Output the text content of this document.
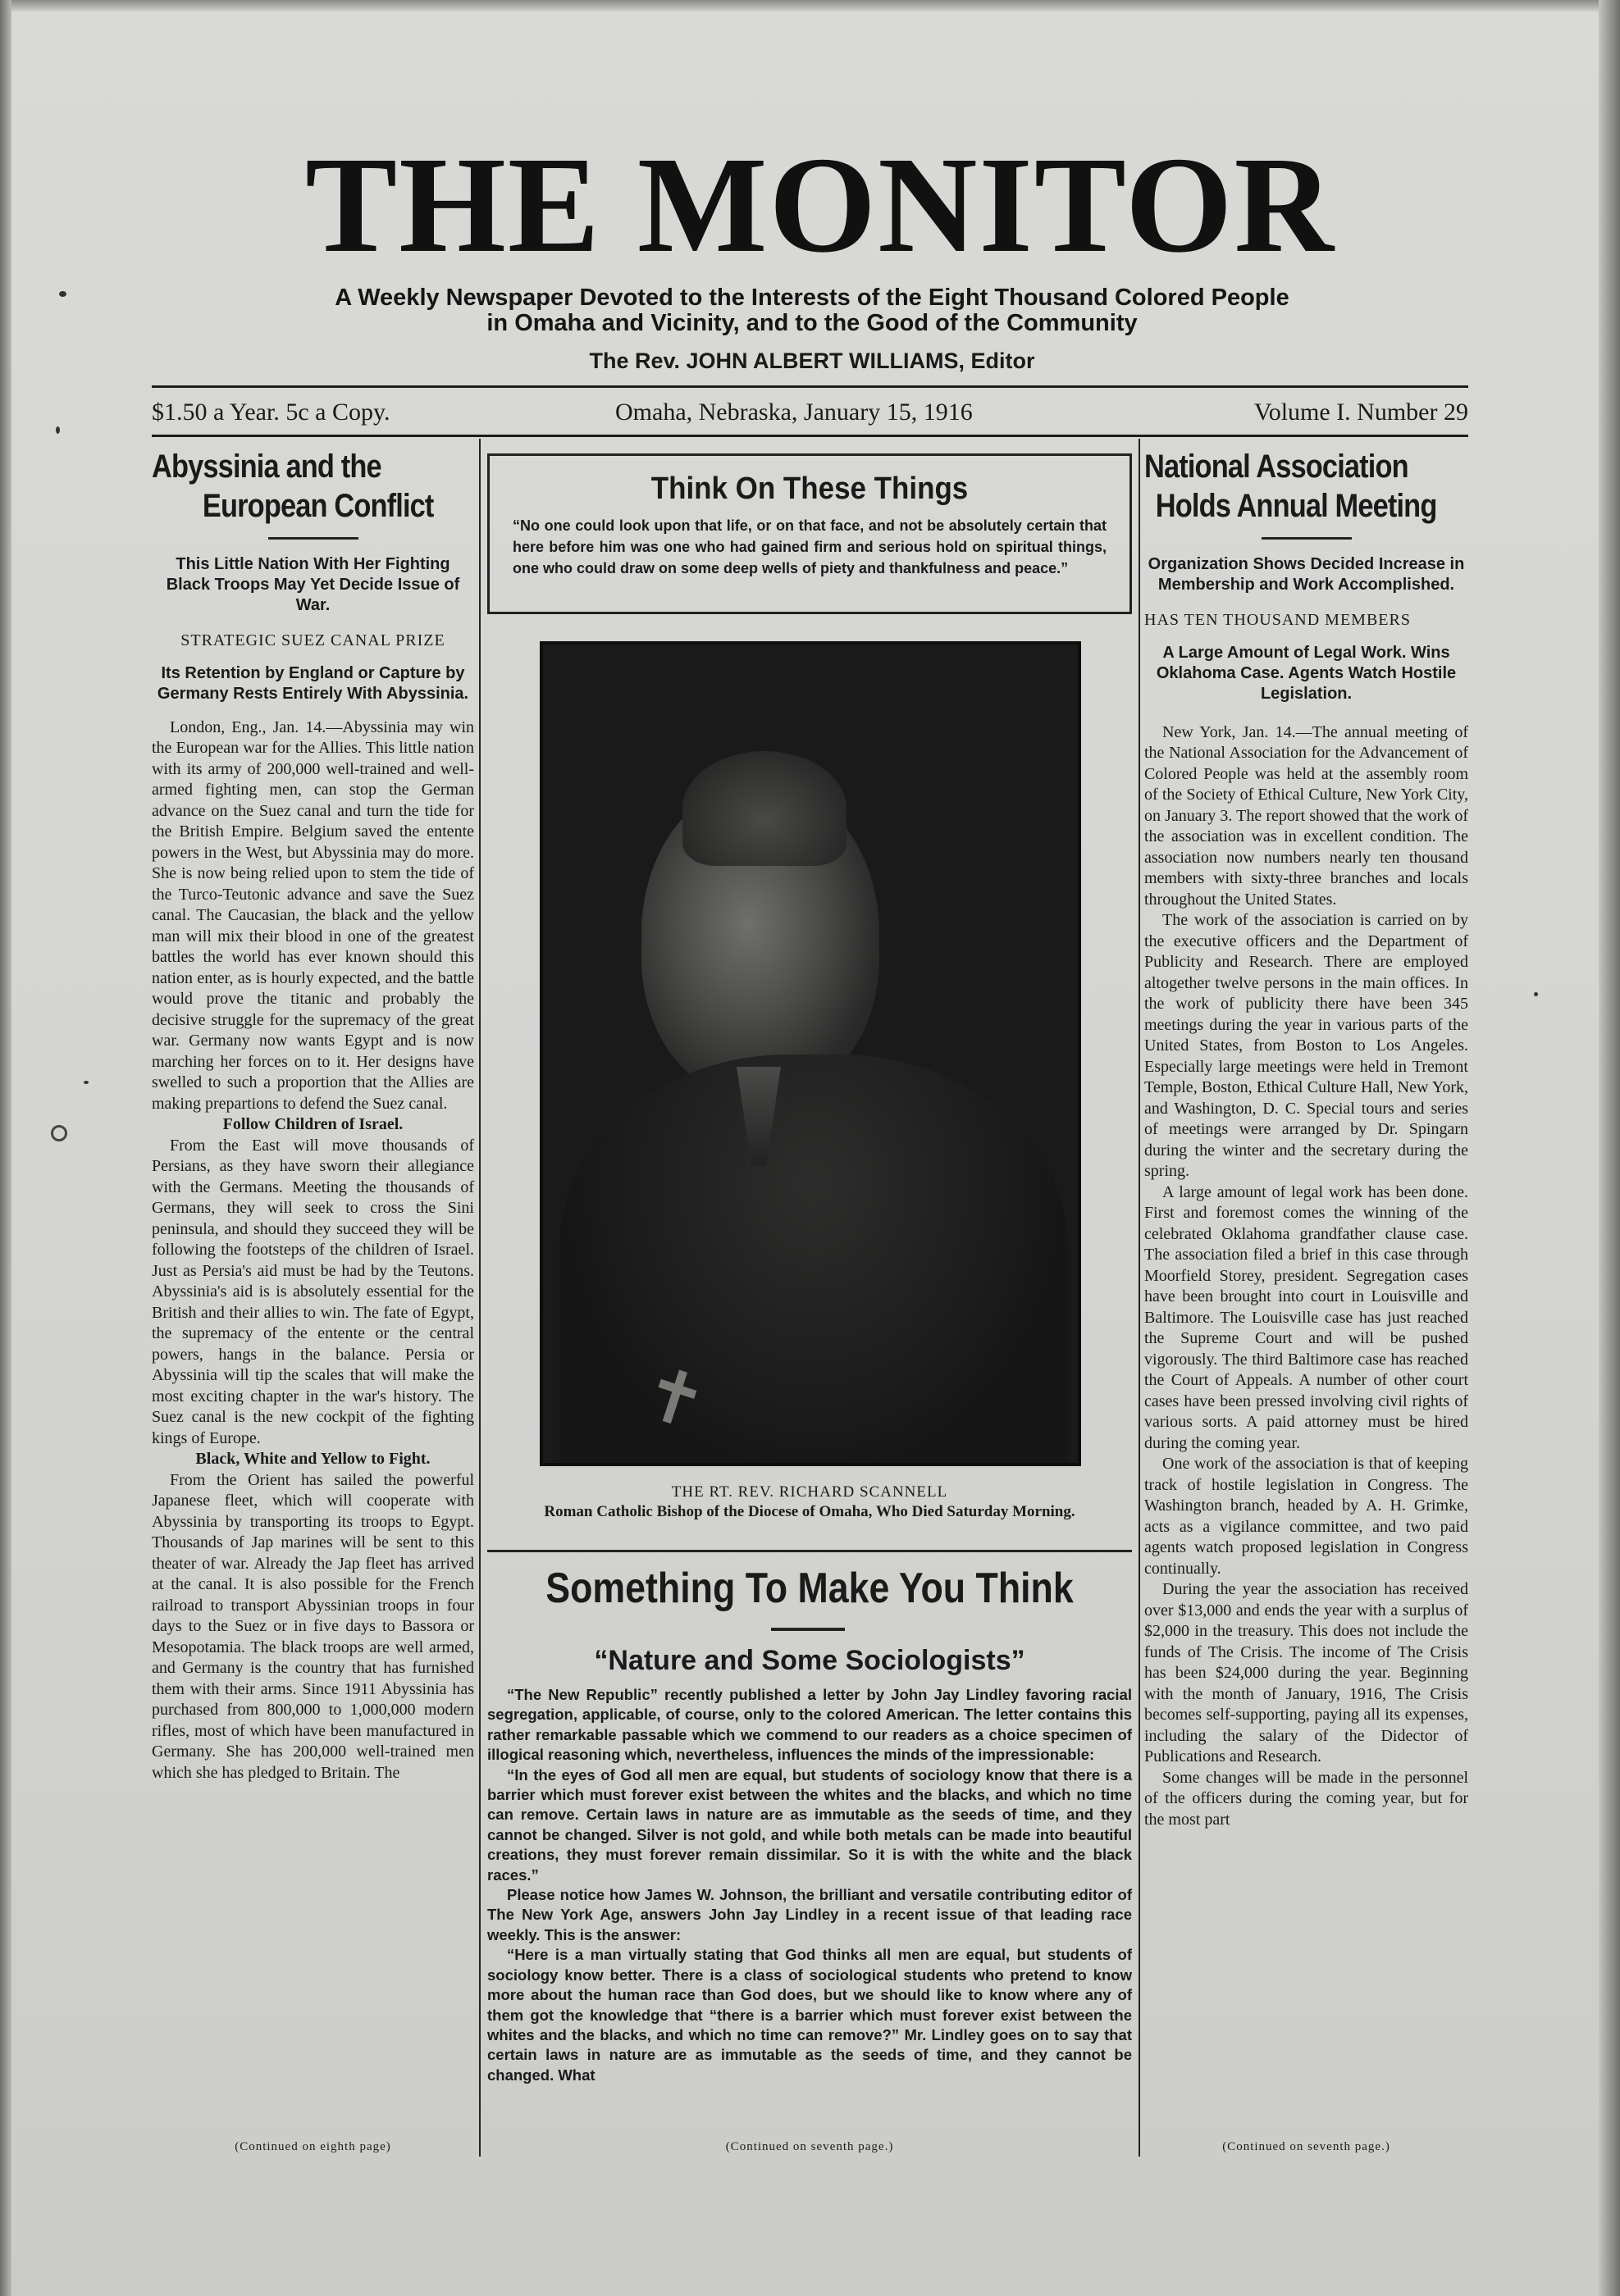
THE MONITOR
A Weekly Newspaper Devoted to the Interests of the Eight Thousand Colored People
in Omaha and Vicinity, and to the Good of the Community
The Rev. JOHN ALBERT WILLIAMS, Editor
$1.50 a Year. 5c a Copy.	Omaha, Nebraska, January 15, 1916	Volume I. Number 29
Abyssinia and the
European Conflict
This Little Nation With Her Fighting Black Troops May Yet Decide Issue of War.
STRATEGIC SUEZ CANAL PRIZE
Its Retention by England or Capture by Germany Rests Entirely With Abyssinia.

London, Eng., Jan. 14.—Abyssinia may win the European war for the Allies. This little nation with its army of 200,000 well-trained and well-armed fighting men, can stop the German advance on the Suez canal and turn the tide for the British Empire. Belgium saved the entente powers in the West, but Abyssinia may do more. She is now being relied upon to stem the tide of the Turco-Teutonic advance and save the Suez canal. The Caucasian, the black and the yellow man will mix their blood in one of the greatest battles the world has ever known should this nation enter, as is hourly expected, and the battle would prove the titanic and probably the decisive struggle for the supremacy of the great war. Germany now wants Egypt and is now marching her forces on to it. Her designs have swelled to such a proportion that the Allies are making prepartions to defend the Suez canal.

Follow Children of Israel.

From the East will move thousands of Persians, as they have sworn their allegiance with the Germans. Meeting the thousands of Germans, they will seek to cross the Sini peninsula, and should they succeed they will be following the footsteps of the children of Israel. Just as Persia's aid must be had by the Teutons. Abyssinia's aid is is absolutely essential for the British and their allies to win. The fate of Egypt, the supremacy of the entente or the central powers, hangs in the balance. Persia or Abyssinia will tip the scales that will make the most exciting chapter in the war's history. The Suez canal is the new cockpit of the fighting kings of Europe.

Black, White and Yellow to Fight.

From the Orient has sailed the powerful Japanese fleet, which will cooperate with Abyssinia by transporting its troops to Egypt. Thousands of Jap marines will be sent to this theater of war. Already the Jap fleet has arrived at the canal. It is also possible for the French railroad to transport Abyssinian troops in four days to the Suez or in five days to Bassora or Mesopotamia. The black troops are well armed, and Germany is the country that has furnished them with their arms. Since 1911 Abyssinia has purchased from 800,000 to 1,000,000 modern rifles, most of which have been manufactured in Germany. She has 200,000 well-trained men which she has pledged to Britain. The

(Continued on eighth page)
Think On These Things
“No one could look upon that life, or on that face, and not be absolutely certain that here before him was one who had gained firm and serious hold on spiritual things, one who could draw on some deep wells of piety and thankfulness and peace.”
✝
THE RT. REV. RICHARD SCANNELL
Roman Catholic Bishop of the Diocese of Omaha, Who Died Saturday Morning.
Something To Make You Think
“Nature and Some Sociologists”

“The New Republic” recently published a letter by John Jay Lindley favoring racial segregation, applicable, of course, only to the colored American. The letter contains this rather remarkable passable which we commend to our readers as a choice specimen of illogical reasoning which, nevertheless, influences the minds of the impressionable:

“In the eyes of God all men are equal, but students of sociology know that there is a barrier which must forever exist between the whites and the blacks, and which no time can remove. Certain laws in nature are as immutable as the seeds of time, and they cannot be changed. Silver is not gold, and while both metals can be made into beautiful creations, they must forever remain dissimilar. So it is with the white and the black races.”

Please notice how James W. Johnson, the brilliant and versatile contributing editor of The New York Age, answers John Jay Lindley in a recent issue of that leading race weekly. This is the answer:

“Here is a man virtually stating that God thinks all men are equal, but students of sociology know better. There is a class of sociological students who pretend to know more about the human race than God does, but we should like to know where any of them got the knowledge that “there is a barrier which must forever exist between the whites and the blacks, and which no time can remove?” Mr. Lindley goes on to say that certain laws in nature are as immutable as the seeds of time, and they cannot be changed. What

(Continued on seventh page.)
National Association
Holds Annual Meeting
Organization Shows Decided Increase in Membership and Work Accomplished.
HAS TEN THOUSAND MEMBERS
A Large Amount of Legal Work. Wins Oklahoma Case. Agents Watch Hostile Legislation.

New York, Jan. 14.—The annual meeting of the National Association for the Advancement of Colored People was held at the assembly room of the Society of Ethical Culture, New York City, on January 3. The report showed that the work of the association was in excellent condition. The association now numbers nearly ten thousand members with sixty-three branches and locals throughout the United States.

The work of the association is carried on by the executive officers and the Department of Publicity and Research. There are employed altogether twelve persons in the main offices. In the work of publicity there have been 345 meetings during the year in various parts of the United States, from Boston to Los Angeles. Especially large meetings were held in Tremont Temple, Boston, Ethical Culture Hall, New York, and Washington, D. C. Special tours and series of meetings were arranged by Dr. Spingarn during the winter and the secretary during the spring.

A large amount of legal work has been done. First and foremost comes the winning of the celebrated Oklahoma grandfather clause case. The association filed a brief in this case through Moorfield Storey, president. Segregation cases have been brought into court in Louisville and Baltimore. The Louisville case has just reached the Supreme Court and will be pushed vigorously. The third Baltimore case has reached the Court of Appeals. A number of other court cases have been pressed involving civil rights of various sorts. A paid attorney must be hired during the coming year.

One work of the association is that of keeping track of hostile legislation in Congress. The Washington branch, headed by A. H. Grimke, acts as a vigilance committee, and two paid agents watch proposed legislation in Congress continually.

During the year the association has received over $13,000 and ends the year with a surplus of $2,000 in the treasury. This does not include the funds of The Crisis. The income of The Crisis has been $24,000 during the year. Beginning with the month of January, 1916, The Crisis becomes self-supporting, paying all its expenses, including the salary of the Didector of Publications and Research.

Some changes will be made in the personnel of the officers during the coming year, but for the most part

(Continued on seventh page.)
